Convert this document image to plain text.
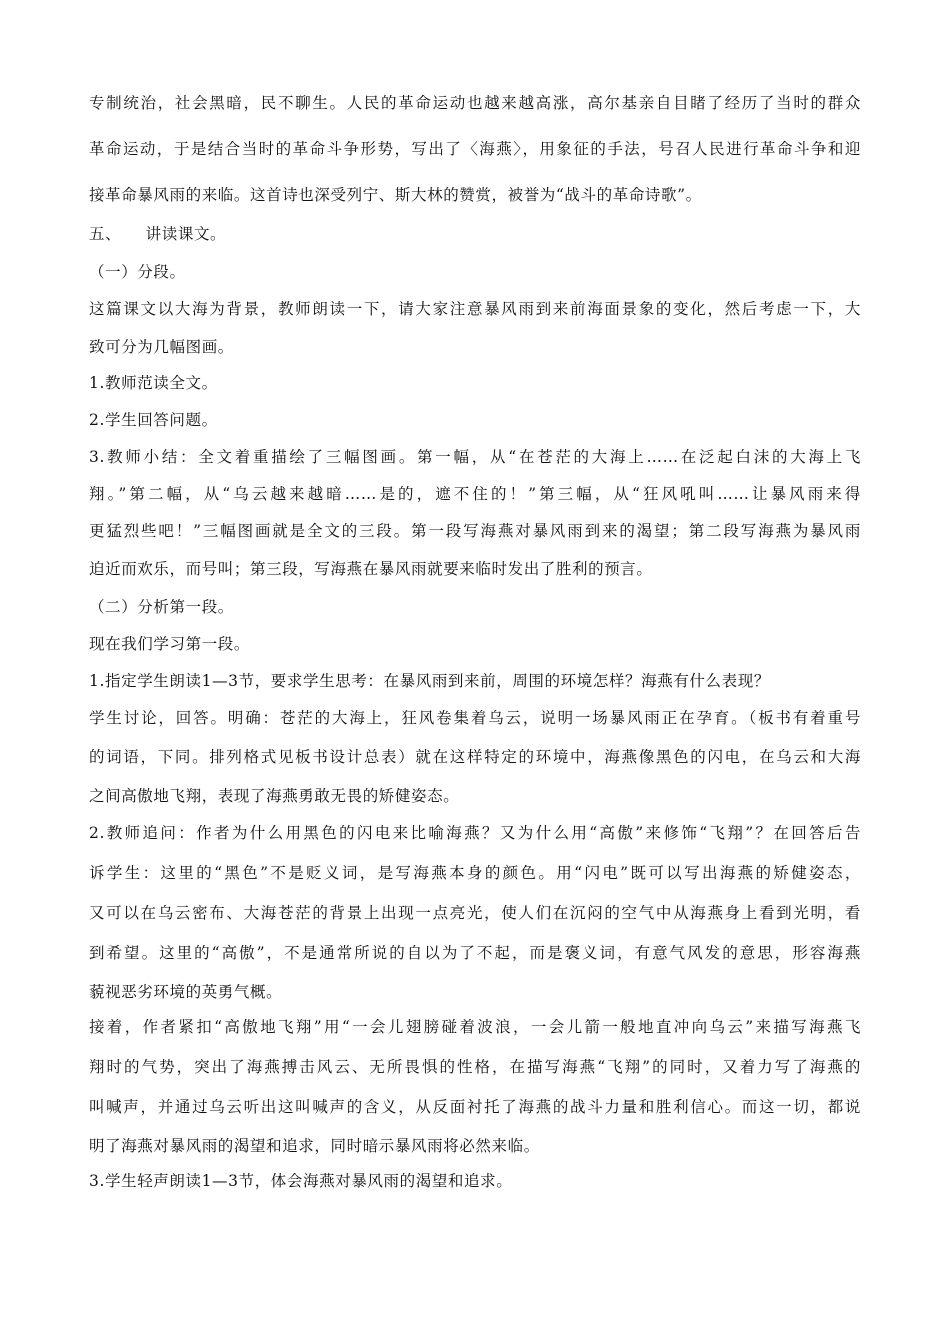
专制统治，社会黑暗，民不聊生。人民的革命运动也越来越高涨，高尔基亲自目睹了经历了当时的群众
革命运动，于是结合当时的革命斗争形势，写出了〈海燕〉，用象征的手法，号召人民进行革命斗争和迎
接革命暴风雨的来临。这首诗也深受列宁、斯大林的赞赏，被誉为“战斗的革命诗歌”。
五、　　讲读课文。
（一）分段。
这篇课文以大海为背景，教师朗读一下，请大家注意暴风雨到来前海面景象的变化，然后考虑一下，大
致可分为几幅图画。
1.教师范读全文。
2.学生回答问题。
3.教师小结：全文着重描绘了三幅图画。第一幅，从“在苍茫的大海上……在泛起白沫的大海上飞
翔。”第二幅，从“乌云越来越暗……是的，遮不住的！”第三幅，从“狂风吼叫……让暴风雨来得
更猛烈些吧！”三幅图画就是全文的三段。第一段写海燕对暴风雨到来的渴望；第二段写海燕为暴风雨
迫近而欢乐，而号叫；第三段，写海燕在暴风雨就要来临时发出了胜利的预言。
（二）分析第一段。
现在我们学习第一段。
1.指定学生朗读1—3节，要求学生思考：在暴风雨到来前，周围的环境怎样？海燕有什么表现？
学生讨论，回答。明确：苍茫的大海上，狂风卷集着乌云，说明一场暴风雨正在孕育。（板书有着重号
的词语，下同。排列格式见板书设计总表）就在这样特定的环境中，海燕像黑色的闪电，在乌云和大海
之间高傲地飞翔，表现了海燕勇敢无畏的矫健姿态。
2.教师追问：作者为什么用黑色的闪电来比喻海燕？又为什么用“高傲”来修饰“飞翔”？在回答后告
诉学生：这里的“黑色”不是贬义词，是写海燕本身的颜色。用“闪电”既可以写出海燕的矫健姿态，
又可以在乌云密布、大海苍茫的背景上出现一点亮光，使人们在沉闷的空气中从海燕身上看到光明，看
到希望。这里的“高傲”，不是通常所说的自以为了不起，而是褒义词，有意气风发的意思，形容海燕
藐视恶劣环境的英勇气概。
接着，作者紧扣“高傲地飞翔”用“一会儿翅膀碰着波浪，一会儿箭一般地直冲向乌云”来描写海燕飞
翔时的气势，突出了海燕搏击风云、无所畏惧的性格，在描写海燕“飞翔”的同时，又着力写了海燕的
叫喊声，并通过乌云听出这叫喊声的含义，从反面衬托了海燕的战斗力量和胜利信心。而这一切，都说
明了海燕对暴风雨的渴望和追求，同时暗示暴风雨将必然来临。
3.学生轻声朗读1—3节，体会海燕对暴风雨的渴望和追求。
